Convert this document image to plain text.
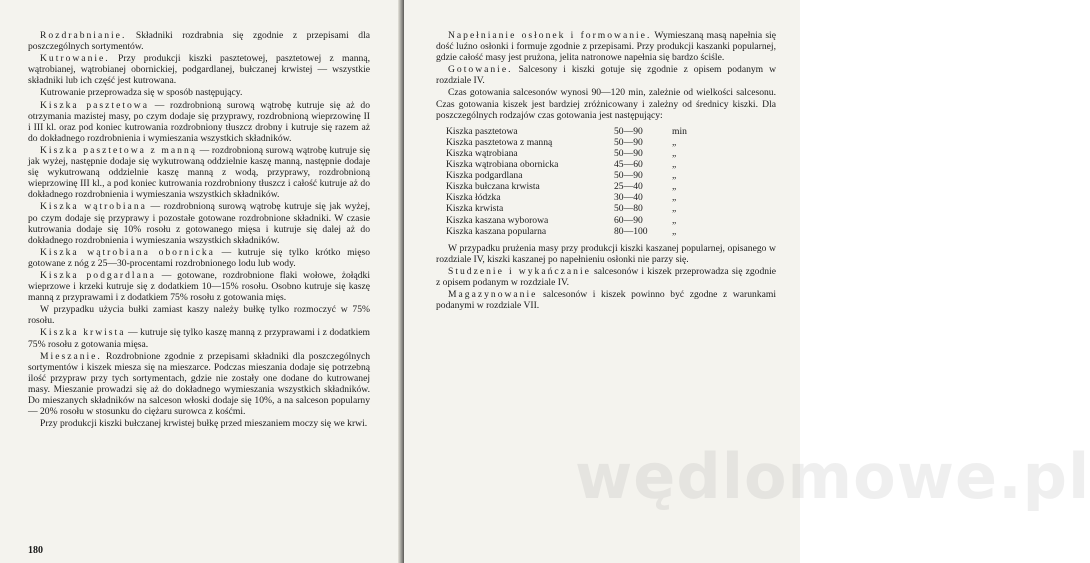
Rozdrabnianie. Składniki rozdrabnia się zgodnie z przepisami dla poszczególnych sortymentów.

Kutrowanie. Przy produkcji kiszki pasztetowej, pasztetowej z manną, wątrobianej, wątrobianej obornickiej, podgardlanej, bułczanej krwistej — wszystkie składniki lub ich część jest kutrowana.

Kutrowanie przeprowadza się w sposób następujący.

Kiszka pasztetowa — rozdrobnioną surową wątrobę kutruje się aż do otrzymania mazistej masy, po czym dodaje się przyprawy, rozdrobnioną wieprzowinę II i III kl. oraz pod koniec kutrowania rozdrobniony tłuszcz drobny i kutruje się razem aż do dokładnego rozdrobnienia i wymieszania wszystkich składników.

Kiszka pasztetowa z manną — rozdrobnioną surową wątrobę kutruje się jak wyżej, następnie dodaje się wykutrowaną oddzielnie kaszę manną, następnie dodaje się wykutrowaną oddzielnie kaszę manną z wodą, przyprawy, rozdrobnioną wieprzowinę III kl., a pod koniec kutrowania rozdrobniony tłuszcz i całość kutruje aż do dokładnego rozdrobnienia i wymieszania wszystkich składników.

Kiszka wątrobiana — rozdrobnioną surową wątrobę kutruje się jak wyżej, po czym dodaje się przyprawy i pozostałe gotowane rozdrobnione składniki. W czasie kutrowania dodaje się 10% rosołu z gotowanego mięsa i kutruje się dalej aż do dokładnego rozdrobnienia i wymieszania wszystkich składników.

Kiszka wątrobiana obornicka — kutruje się tylko krótko mięso gotowane z nóg z 25—30-procentami rozdrobnionego lodu lub wody.

Kiszka podgardlana — gotowane, rozdrobnione flaki wołowe, żołądki wieprzowe i krzeki kutruje się z dodatkiem 10—15% rosołu. Osobno kutruje się kaszę manną z przyprawami i z dodatkiem 75% rosołu z gotowania mięs.

W przypadku użycia bułki zamiast kaszy należy bułkę tylko rozmoczyć w 75% rosołu.

Kiszka krwista — kutruje się tylko kaszę manną z przyprawami i z dodatkiem 75% rosołu z gotowania mięsa.

Mieszanie. Rozdrobnione zgodnie z przepisami składniki dla poszczególnych sortymentów i kiszek miesza się na mieszarce. Podczas mieszania dodaje się potrzebną ilość przypraw przy tych sortymentach, gdzie nie zostały one dodane do kutrowanej masy. Mieszanie prowadzi się aż do dokładnego wymieszania wszystkich składników. Do mieszanych składników na salceson włoski dodaje się 10%, a na salceson popularny — 20% rosołu w stosunku do ciężaru surowca z kośćmi.

Przy produkcji kiszki bułczanej krwistej bułkę przed mieszaniem moczy się we krwi.

180

Napełnianie osłonek i formowanie. Wymieszaną masą napełnia się dość luźno osłonki i formuje zgodnie z przepisami. Przy produkcji kaszanki popularnej, gdzie całość masy jest prużona, jelita natronowe napełnia się bardzo ściśle.

Gotowanie. Salcesony i kiszki gotuje się zgodnie z opisem podanym w rozdziale IV.

Czas gotowania salcesonów wynosi 90—120 min, zależnie od wielkości salcesonu. Czas gotowania kiszek jest bardziej zróżnicowany i zależny od średnicy kiszki. Dla poszczególnych rodzajów czas gotowania jest następujący:

Kiszka pasztetowa	50—90	min
Kiszka pasztetowa z manną	50—90	„
Kiszka wątrobiana	50—90	„
Kiszka wątrobiana obornicka	45—60	„
Kiszka podgardlana	50—90	„
Kiszka bułczana krwista	25—40	„
Kiszka łódzka	30—40	„
Kiszka krwista	50—80	„
Kiszka kaszana wyborowa	60—90	„
Kiszka kaszana popularna	80—100	„

W przypadku prużenia masy przy produkcji kiszki kaszanej popularnej, opisanego w rozdziale IV, kiszki kaszanej po napełnieniu osłonki nie parzy się.

Studzenie i wykańczanie salcesonów i kiszek przeprowadza się zgodnie z opisem podanym w rozdziale IV.

Magazynowanie salcesonów i kiszek powinno być zgodne z warunkami podanymi w rozdziale VII.

wędlomowe.pl
